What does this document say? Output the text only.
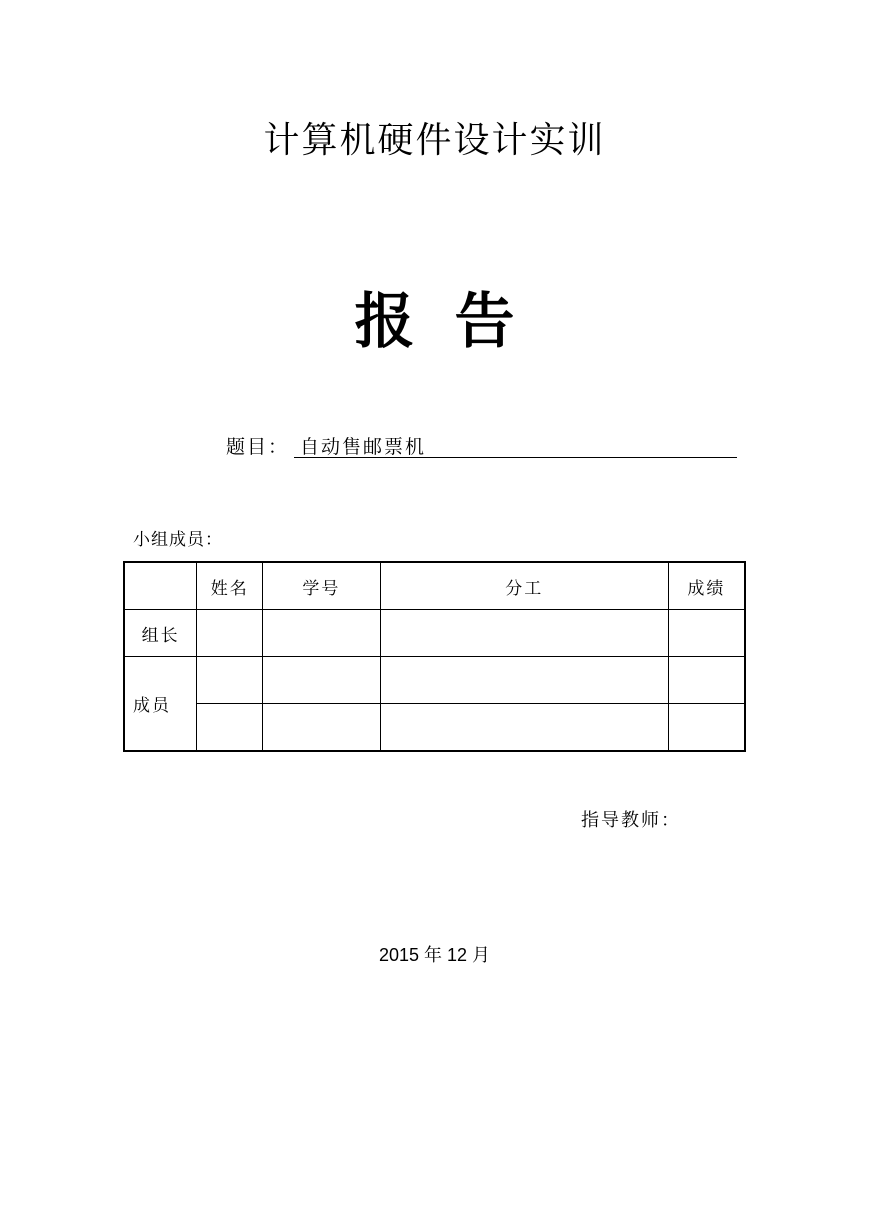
计算机硬件设计实训
报告
题目： 自动售邮票机
小组成员：
	姓名	学号	分工	成绩
组长				
成员				

指导教师：
2015 年 12 月
